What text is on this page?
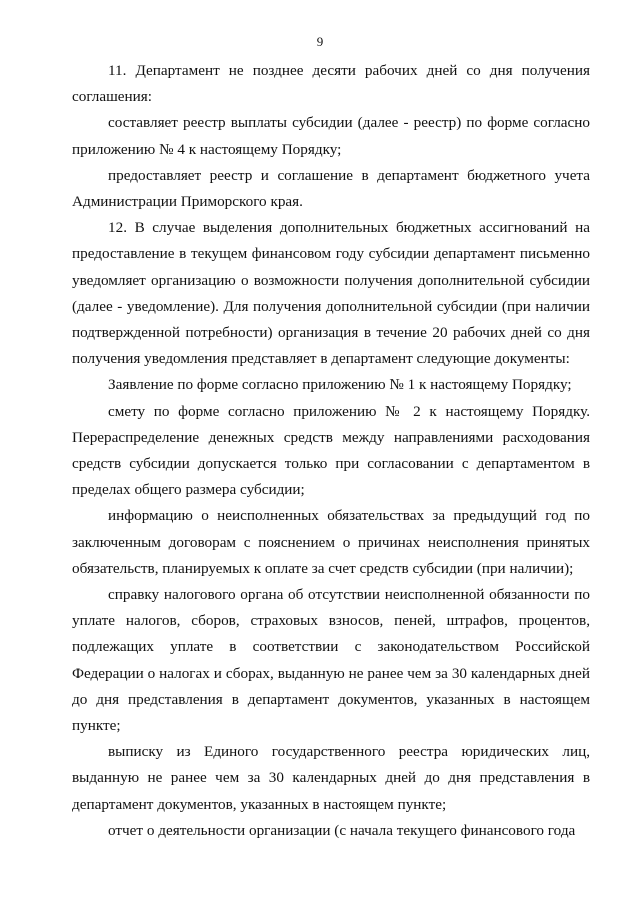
9

11. Департамент не позднее десяти рабочих дней со дня получения соглашения:

составляет реестр выплаты субсидии (далее - реестр) по форме согласно приложению № 4 к настоящему Порядку;

предоставляет реестр и соглашение в департамент бюджетного учета Администрации Приморского края.

12. В случае выделения дополнительных бюджетных ассигнований на предоставление в текущем финансовом году субсидии департамент письменно уведомляет организацию о возможности получения дополнительной субсидии (далее - уведомление). Для получения дополнительной субсидии (при наличии подтвержденной потребности) организация в течение 20 рабочих дней со дня получения уведомления представляет в департамент следующие документы:

Заявление по форме согласно приложению № 1 к настоящему Порядку;

смету по форме согласно приложению № 2 к настоящему Порядку. Перераспределение денежных средств между направлениями расходования средств субсидии допускается только при согласовании с департаментом в пределах общего размера субсидии;

информацию о неисполненных обязательствах за предыдущий год по заключенным договорам с пояснением о причинах неисполнения принятых обязательств, планируемых к оплате за счет средств субсидии (при наличии);

справку налогового органа об отсутствии неисполненной обязанности по уплате налогов, сборов, страховых взносов, пеней, штрафов, процентов, подлежащих уплате в соответствии с законодательством Российской Федерации о налогах и сборах, выданную не ранее чем за 30 календарных дней до дня представления в департамент документов, указанных в настоящем пункте;

выписку из Единого государственного реестра юридических лиц, выданную не ранее чем за 30 календарных дней до дня представления в департамент документов, указанных в настоящем пункте;

отчет о деятельности организации (с начала текущего финансового года
